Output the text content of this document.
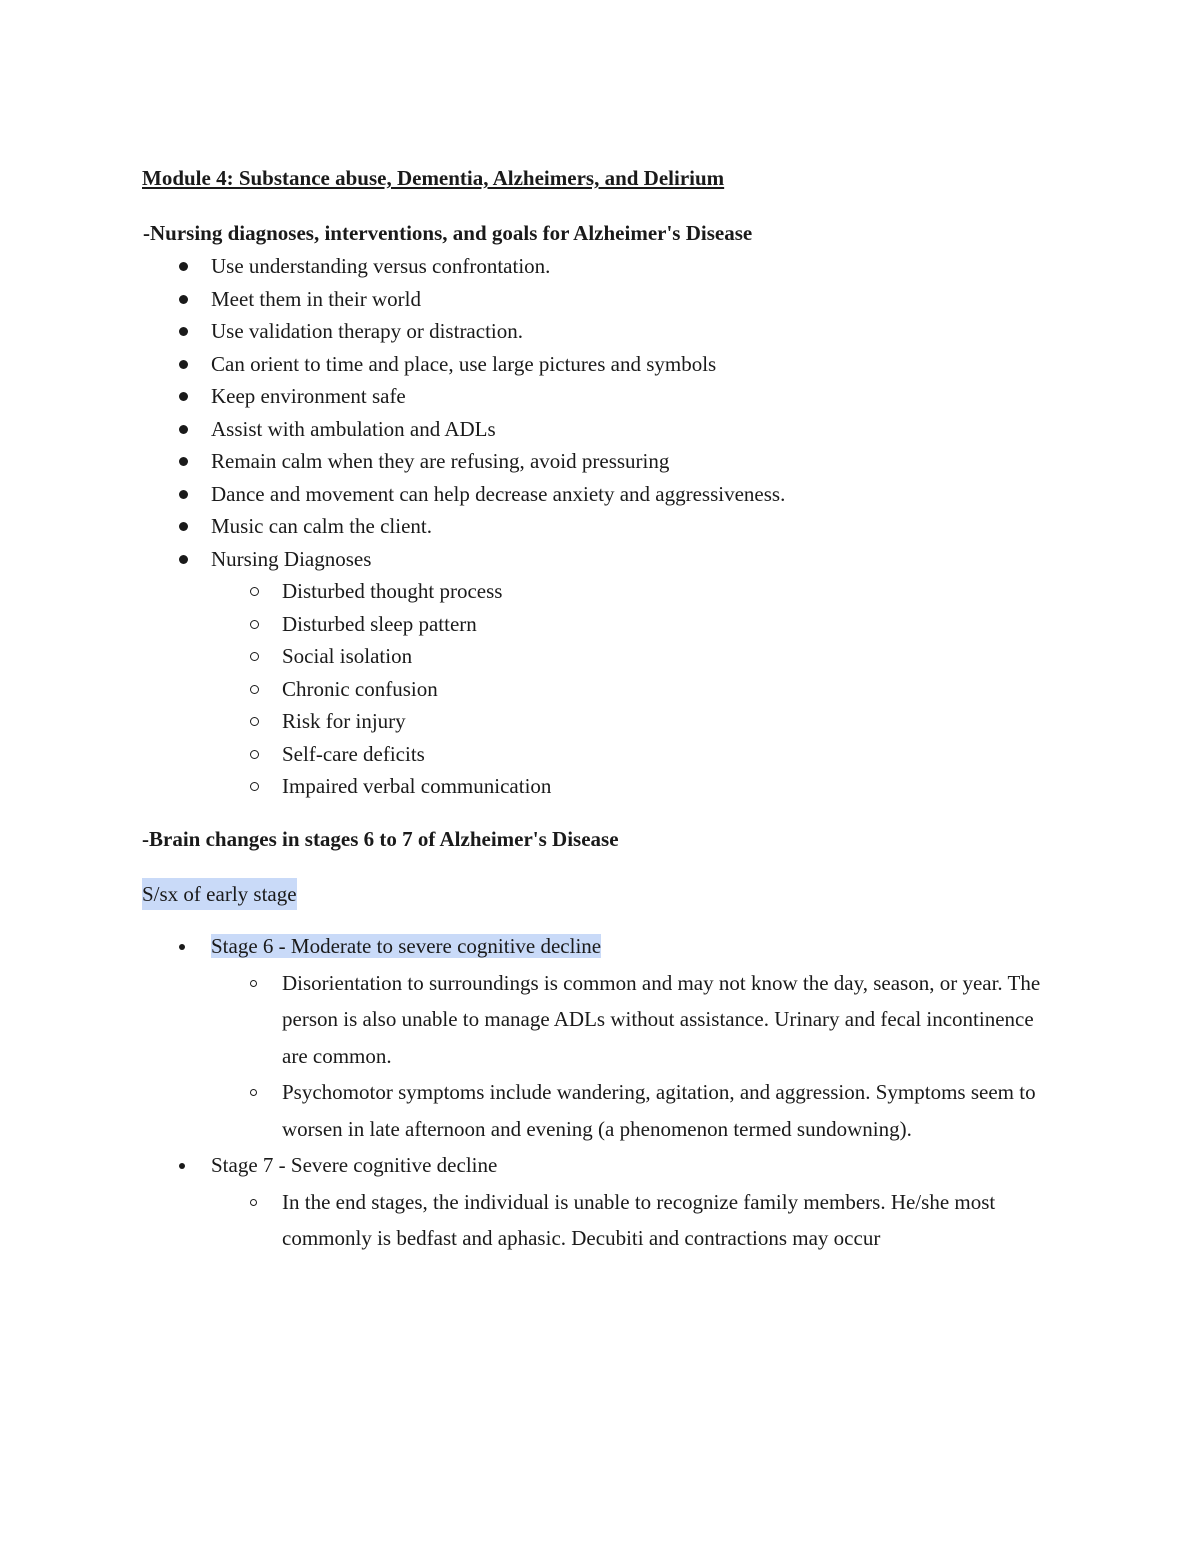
Module 4: Substance abuse, Dementia, Alzheimers, and Delirium
-Nursing diagnoses, interventions, and goals for Alzheimer's Disease
Use understanding versus confrontation.
Meet them in their world
Use validation therapy or distraction.
Can orient to time and place, use large pictures and symbols
Keep environment safe
Assist with ambulation and ADLs
Remain calm when they are refusing, avoid pressuring
Dance and movement can help decrease anxiety and aggressiveness.
Music can calm the client.
Nursing Diagnoses
Disturbed thought process
Disturbed sleep pattern
Social isolation
Chronic confusion
Risk for injury
Self-care deficits
Impaired verbal communication
-Brain changes in stages 6 to 7 of Alzheimer's Disease
S/sx of early stage
Stage 6 - Moderate to severe cognitive decline
Disorientation to surroundings is common and may not know the day, season, or year. The person is also unable to manage ADLs without assistance. Urinary and fecal incontinence are common.
Psychomotor symptoms include wandering, agitation, and aggression. Symptoms seem to worsen in late afternoon and evening (a phenomenon termed sundowning).
Stage 7 - Severe cognitive decline
In the end stages, the individual is unable to recognize family members. He/she most commonly is bedfast and aphasic. Decubiti and contractions may occur
